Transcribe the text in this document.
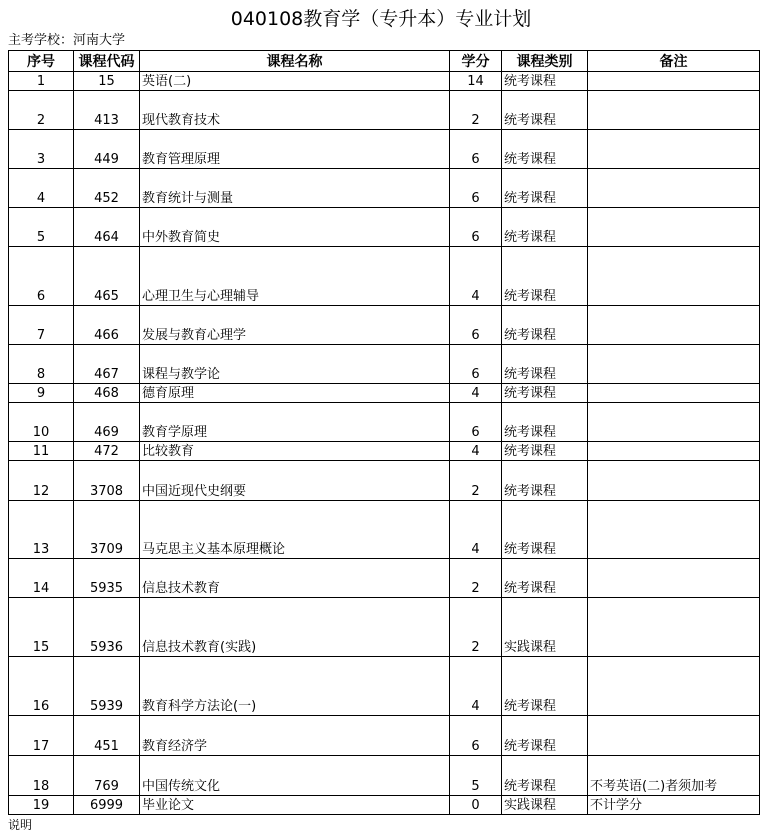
040108教育学（专升本）专业计划
主考学校：河南大学
序号	课程代码	课程名称	学分	课程类别	备注
1	15	英语(二)	14	统考课程	
2	413	现代教育技术	2	统考课程	
3	449	教育管理原理	6	统考课程	
4	452	教育统计与测量	6	统考课程	
5	464	中外教育简史	6	统考课程	
6	465	心理卫生与心理辅导	4	统考课程	
7	466	发展与教育心理学	6	统考课程	
8	467	课程与教学论	6	统考课程	
9	468	德育原理	4	统考课程	
10	469	教育学原理	6	统考课程	
11	472	比较教育	4	统考课程	
12	3708	中国近现代史纲要	2	统考课程	
13	3709	马克思主义基本原理概论	4	统考课程	
14	5935	信息技术教育	2	统考课程	
15	5936	信息技术教育(实践)	2	实践课程	
16	5939	教育科学方法论(一)	4	统考课程	
17	451	教育经济学	6	统考课程	
18	769	中国传统文化	5	统考课程	不考英语(二)者须加考
19	6999	毕业论文	0	实践课程	不计学分
说明
